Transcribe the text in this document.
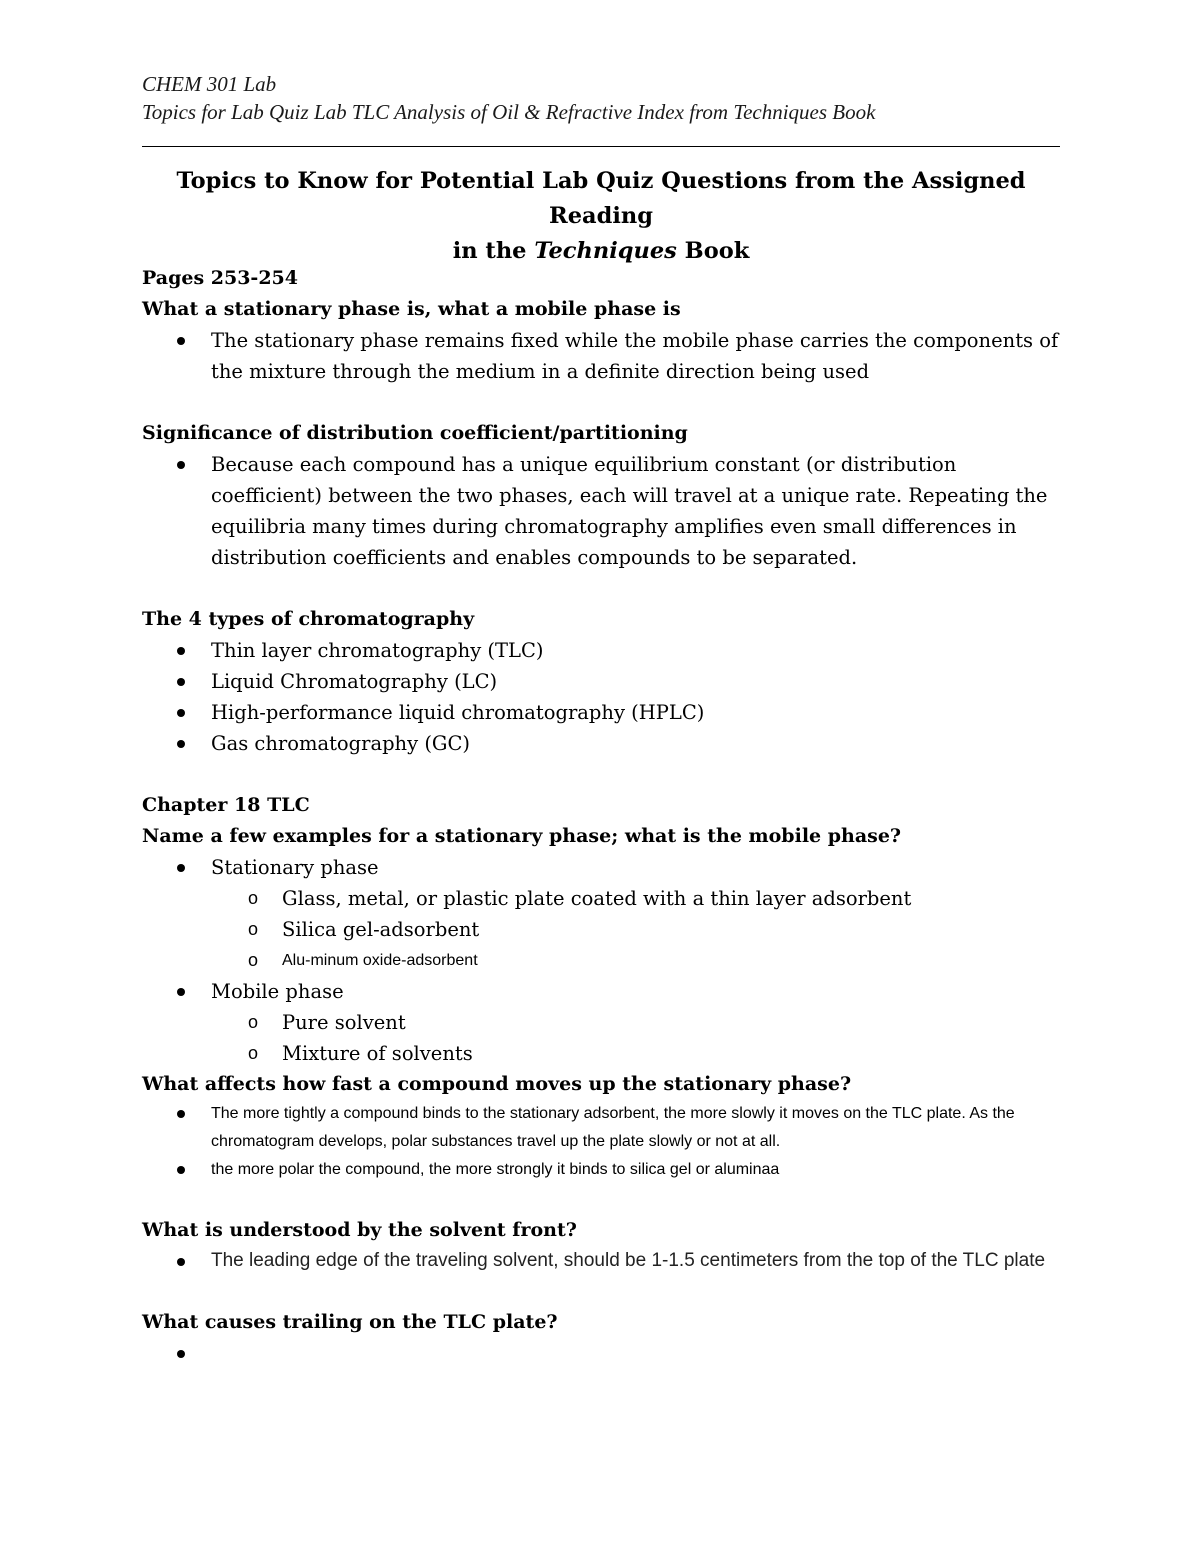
CHEM 301 Lab
Topics for Lab Quiz Lab TLC Analysis of Oil & Refractive Index from Techniques Book
Topics to Know for Potential Lab Quiz Questions from the Assigned Reading
in the Techniques Book
Pages 253-254
What a stationary phase is, what a mobile phase is
The stationary phase remains fixed while the mobile phase carries the components of the mixture through the medium in a definite direction being used
Significance of distribution coefficient/partitioning
Because each compound has a unique equilibrium constant (or distribution coefficient) between the two phases, each will travel at a unique rate. Repeating the equilibria many times during chromatography amplifies even small differences in distribution coefficients and enables compounds to be separated.
The 4 types of chromatography
Thin layer chromatography (TLC)
Liquid Chromatography (LC)
High-performance liquid chromatography (HPLC)
Gas chromatography (GC)
Chapter 18 TLC
Name a few examples for a stationary phase; what is the mobile phase?
Stationary phase
o Glass, metal, or plastic plate coated with a thin layer adsorbent
o Silica gel-adsorbent
o Alu-minum oxide-adsorbent
Mobile phase
o Pure solvent
o Mixture of solvents
What affects how fast a compound moves up the stationary phase?
The more tightly a compound binds to the stationary adsorbent, the more slowly it moves on the TLC plate. As the chromatogram develops, polar substances travel up the plate slowly or not at all.
the more polar the compound, the more strongly it binds to silica gel or aluminaa
What is understood by the solvent front?
The leading edge of the traveling solvent, should be 1-1.5 centimeters from the top of the TLC plate
What causes trailing on the TLC plate?
